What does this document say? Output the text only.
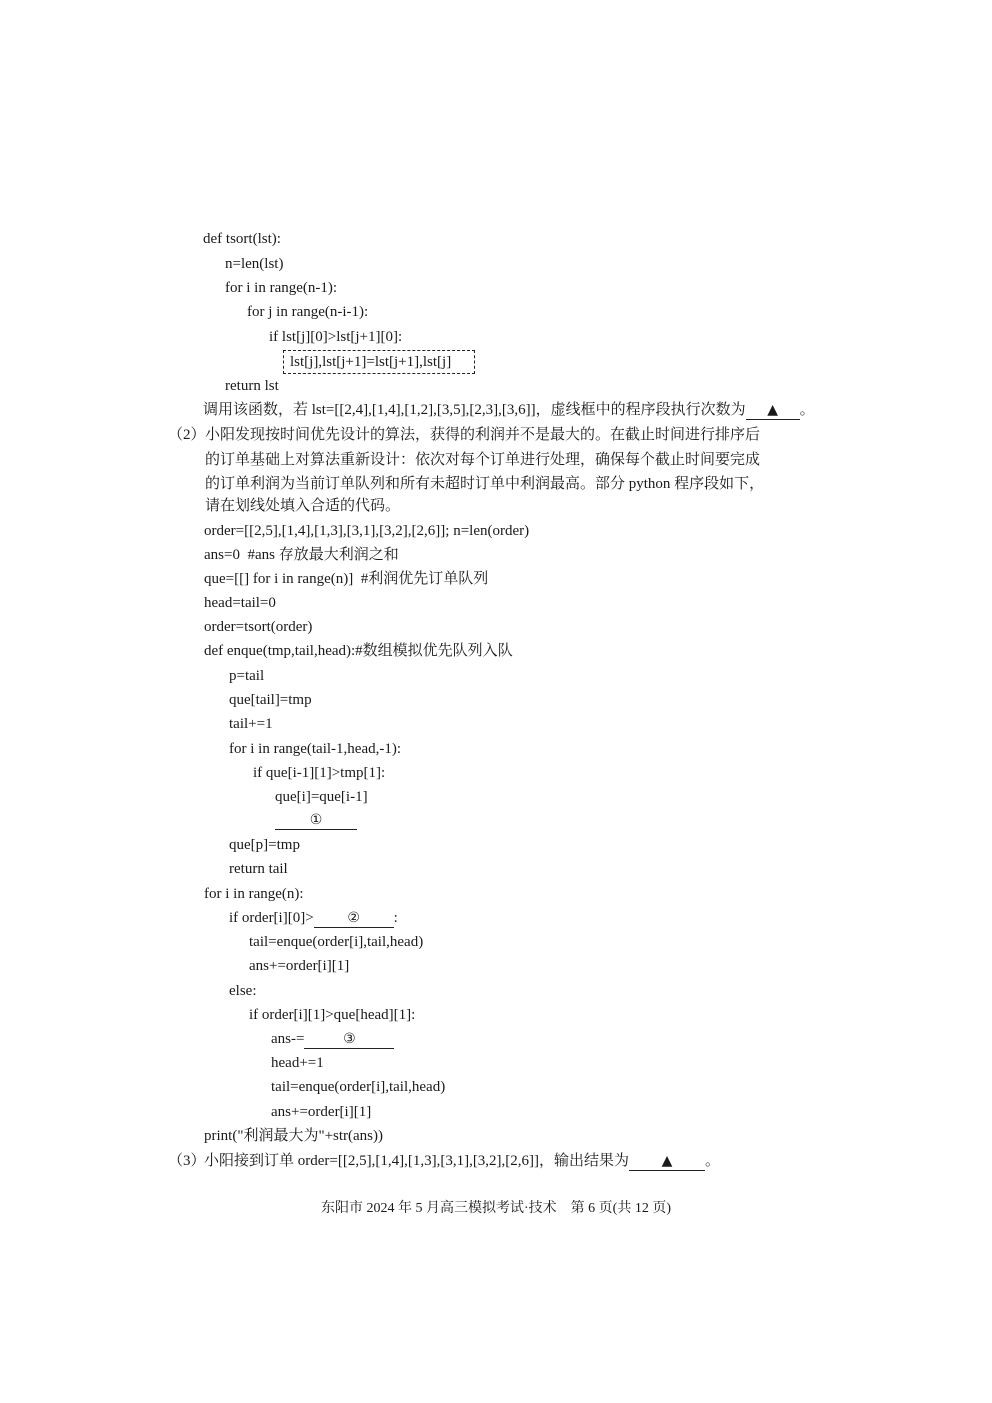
def tsort(lst):
n=len(lst)
for i in range(n-1):
for j in range(n-i-1):
if lst[j][0]>lst[j+1][0]:
lst[j],lst[j+1]=lst[j+1],lst[j]
return lst
调用该函数，若 lst=[[2,4],[1,4],[1,2],[3,5],[2,3],[3,6]]，虚线框中的程序段执行次数为 ▲ 。
（2） 小阳发现按时间优先设计的算法，获得的利润并不是最大的。在截止时间进行排序后
的订单基础上对算法重新设计：依次对每个订单进行处理，确保每个截止时间要完成
的订单利润为当前订单队列和所有未超时订单中利润最高。部分 python 程序段如下，
请在划线处填入合适的代码。
order=[[2,5],[1,4],[1,3],[3,1],[3,2],[2,6]]; n=len(order)
ans=0  #ans 存放最大利润之和
que=[[] for i in range(n)]  #利润优先订单队列
head=tail=0
order=tsort(order)
def enque(tmp,tail,head):#数组模拟优先队列入队
p=tail
que[tail]=tmp
tail+=1
for i in range(tail-1,head,-1):
if que[i-1][1]>tmp[1]:
que[i]=que[i-1]
①
que[p]=tmp
return tail
for i in range(n):
if order[i][0]> ② :
tail=enque(order[i],tail,head)
ans+=order[i][1]
else:
if order[i][1]>que[head][1]:
ans-=	③
head+=1
tail=enque(order[i],tail,head)
ans+=order[i][1]
print("利润最大为"+str(ans))
（3）
小阳接到订单 order=[[2,5],[1,4],[1,3],[3,1],[3,2],[2,6]]，输出结果为 ▲ 。
东阳市 2024 年 5 月高三模拟考试·技术　第 6 页(共 12 页)
